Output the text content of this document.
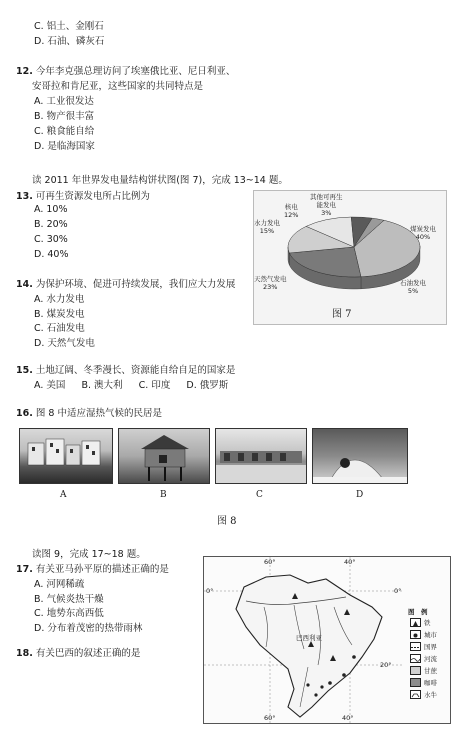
C. 铝土、金刚石
D. 石油、磷灰石
12. 今年李克强总理访问了埃塞俄比亚、尼日利亚、
安哥拉和肯尼亚，这些国家的共同特点是
A. 工业很发达
B. 物产很丰富
C. 粮食能自给
D. 是临海国家
读 2011 年世界发电量结构饼状图(图 7)，完成 13~14 题。
13. 可再生资源发电所占比例为
A. 10%
B. 20%
C. 30%
D. 40%
其他可再生
能发电
3%
核电
12%
水力发电
15%	煤炭发电
40%
天然气发电
23%	石油发电
5%
图 7
14. 为保护环境、促进可持续发展，我们应大力发展
A. 水力发电
B. 煤炭发电
C. 石油发电
D. 天然气发电
15. 土地辽阔、冬季漫长、资源能自给自足的国家是
A. 美国 B. 澳大利 C. 印度 D. 俄罗斯
16. 图 8 中适应湿热气候的民居是
A	B	C	D
图 8
读图 9，完成 17~18 题。
17. 有关亚马孙平原的描述正确的是
A. 河网稀疏
B. 气候炎热干燥
C. 地势东高西低
D. 分布着茂密的热带雨林
18. 有关巴西的叙述正确的是
60°	40°
0°	0°
20°
60°	40°
巴西利亚
图　例
铁
城市
国界
河流
甘蔗
咖啡
水牛
